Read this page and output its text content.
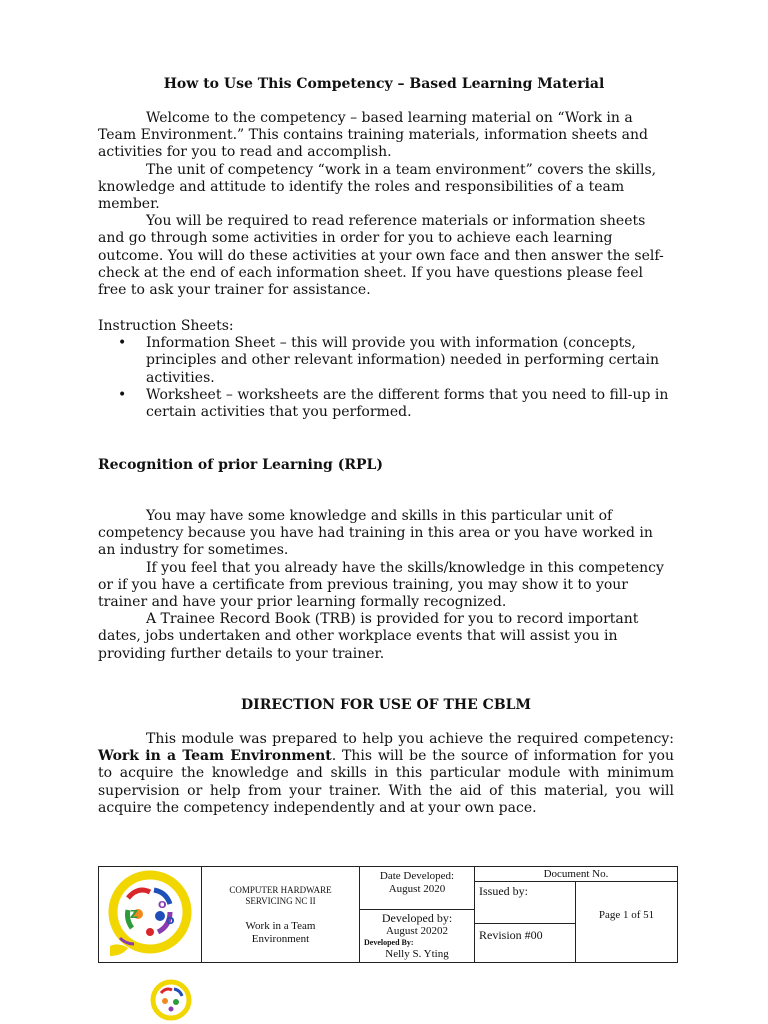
How to Use This Competency – Based Learning Material

Welcome to the competency – based learning material on “Work in a Team Environment.” This contains training materials, information sheets and activities for you to read and accomplish.

The unit of competency “work in a team environment” covers the skills, knowledge and attitude to identify the roles and responsibilities of a team member.

You will be required to read reference materials or information sheets and go through some activities in order for you to achieve each learning outcome. You will do these activities at your own face and then answer the self-check at the end of each information sheet. If you have questions please feel free to ask your trainer for assistance.

Instruction Sheets:

• Information Sheet – this will provide you with information (concepts, principles and other relevant information) needed in performing certain activities.
• Worksheet – worksheets are the different forms that you need to fill-up in certain activities that you performed.

Recognition of prior Learning (RPL)

You may have some knowledge and skills in this particular unit of competency because you have had training in this area or you have worked in an industry for sometimes.

If you feel that you already have the skills/knowledge in this competency or if you have a certificate from previous training, you may show it to your trainer and have your prior learning formally recognized.

A Trainee Record Book (TRB) is provided for you to record important dates, jobs undertaken and other workplace events that will assist you in providing further details to your trainer.

DIRECTION FOR USE OF THE CBLM

This module was prepared to help you achieve the required competency: Work in a Team Environment. This will be the source of information for you to acquire the knowledge and skills in this particular module with minimum supervision or help from your trainer. With the aid of this material, you will acquire the competency independently and at your own pace.

Z
O
O
COMPUTER HARDWARE
SERVICING NC II
Work in a Team
Environment
Date Developed:
August 2020
Developed by:
August 20202
Developed By:
Nelly S. Yting
Document No.
Issued by:
Page 1 of 51
Revision #00
